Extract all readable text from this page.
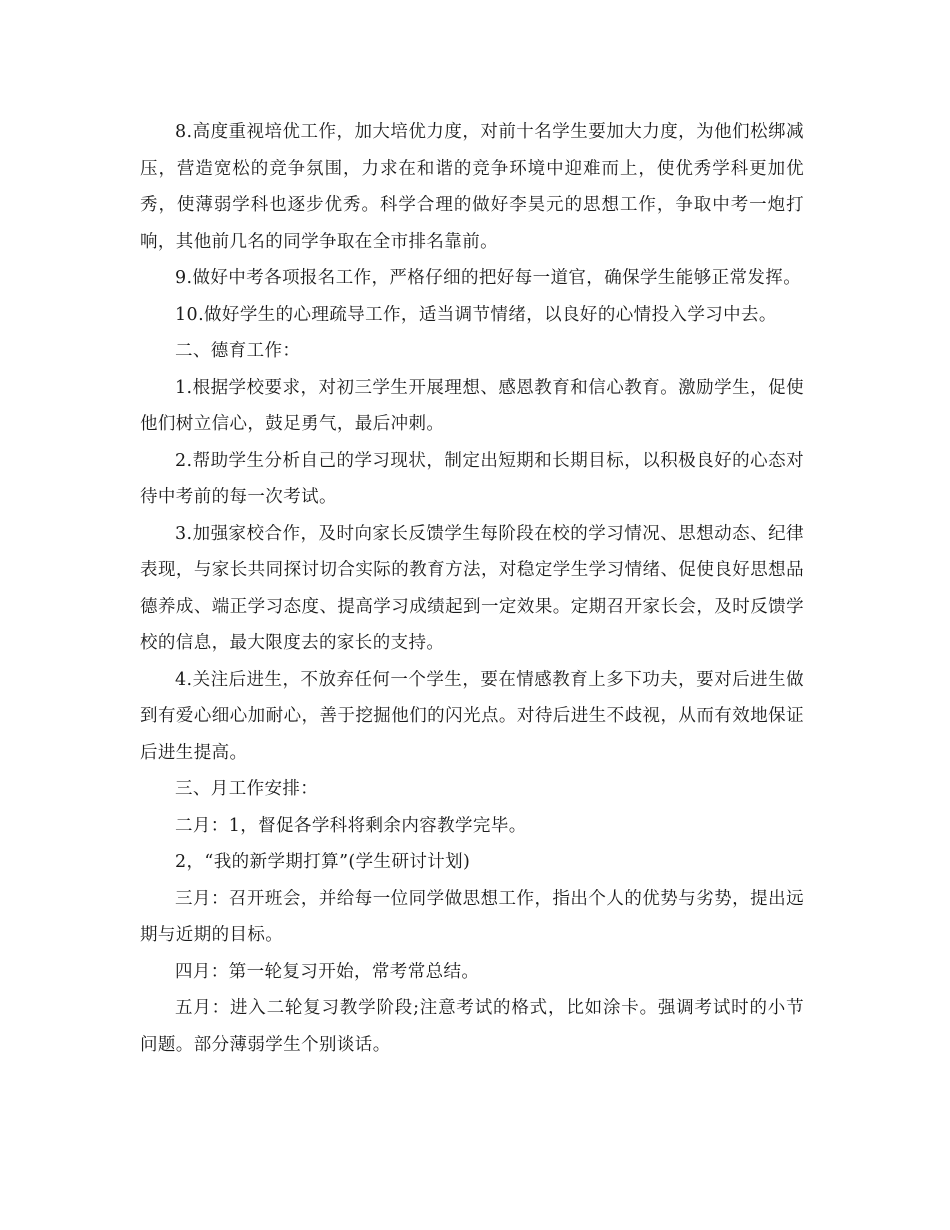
8.高度重视培优工作，加大培优力度，对前十名学生要加大力度，为他们松绑减压，营造宽松的竞争氛围，力求在和谐的竞争环境中迎难而上，使优秀学科更加优秀，使薄弱学科也逐步优秀。科学合理的做好李昊元的思想工作，争取中考一炮打响，其他前几名的同学争取在全市排名靠前。

9.做好中考各项报名工作，严格仔细的把好每一道官，确保学生能够正常发挥。

10.做好学生的心理疏导工作，适当调节情绪，以良好的心情投入学习中去。

二、德育工作：

1.根据学校要求，对初三学生开展理想、感恩教育和信心教育。激励学生，促使他们树立信心，鼓足勇气，最后冲刺。

2.帮助学生分析自己的学习现状，制定出短期和长期目标，以积极良好的心态对待中考前的每一次考试。

3.加强家校合作，及时向家长反馈学生每阶段在校的学习情况、思想动态、纪律表现，与家长共同探讨切合实际的教育方法，对稳定学生学习情绪、促使良好思想品德养成、端正学习态度、提高学习成绩起到一定效果。定期召开家长会，及时反馈学校的信息，最大限度去的家长的支持。

4.关注后进生，不放弃任何一个学生，要在情感教育上多下功夫，要对后进生做到有爱心细心加耐心，善于挖掘他们的闪光点。对待后进生不歧视，从而有效地保证后进生提高。

三、月工作安排：

二月：1，督促各学科将剩余内容教学完毕。

2，“我的新学期打算”(学生研讨计划)

三月：召开班会，并给每一位同学做思想工作，指出个人的优势与劣势，提出远期与近期的目标。

四月：第一轮复习开始，常考常总结。

五月：进入二轮复习教学阶段;注意考试的格式，比如涂卡。强调考试时的小节问题。部分薄弱学生个别谈话。
